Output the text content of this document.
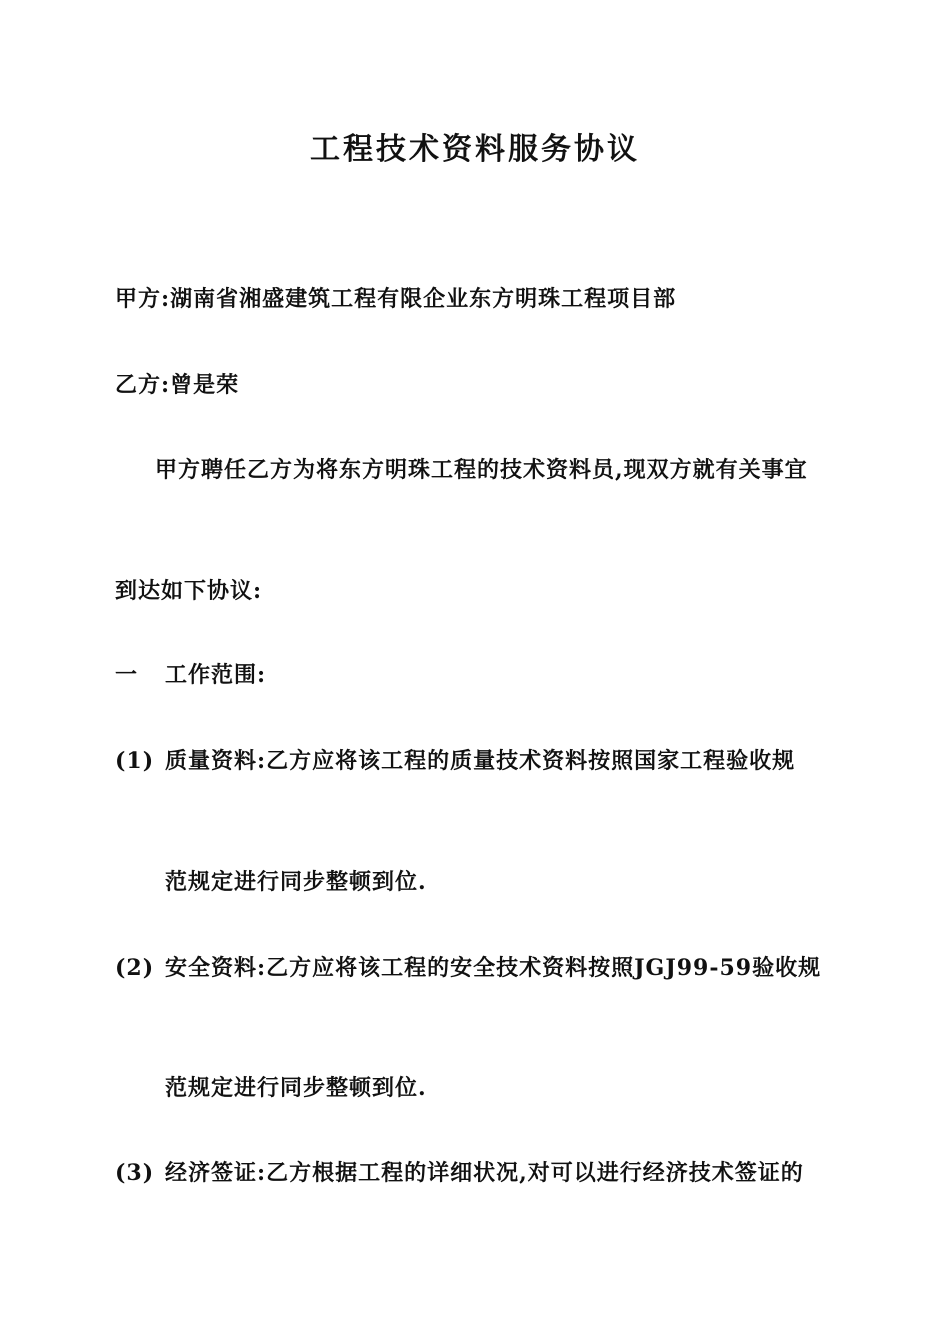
工程技术资料服务协议
甲方:湖南省湘盛建筑工程有限企业东方明珠工程项目部
乙方:曾是荣
甲方聘任乙方为将东方明珠工程的技术资料员,现双方就有关事宜
到达如下协议:
一 工作范围:
(1) 质量资料:乙方应将该工程的质量技术资料按照国家工程验收规
范规定进行同步整顿到位.
(2) 安全资料:乙方应将该工程的安全技术资料按照JGJ99-59验收规
范规定进行同步整顿到位.
(3) 经济签证:乙方根据工程的详细状况,对可以进行经济技术签证的
